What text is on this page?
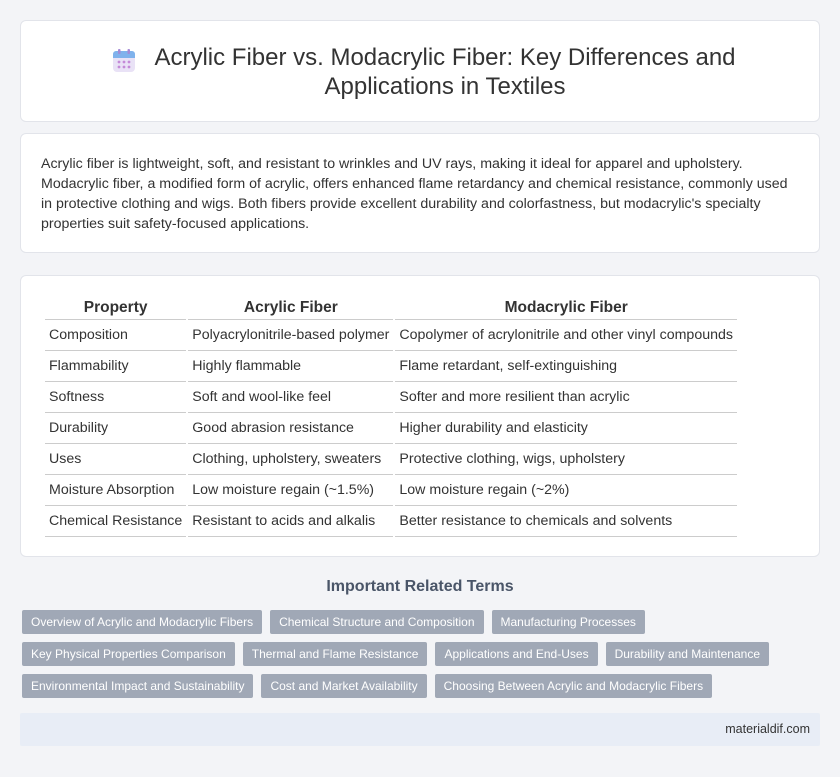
Acrylic Fiber vs. Modacrylic Fiber: Key Differences and Applications in Textiles

Acrylic fiber is lightweight, soft, and resistant to wrinkles and UV rays, making it ideal for apparel and upholstery. Modacrylic fiber, a modified form of acrylic, offers enhanced flame retardancy and chemical resistance, commonly used in protective clothing and wigs. Both fibers provide excellent durability and colorfastness, but modacrylic's specialty properties suit safety-focused applications.

Property	Acrylic Fiber	Modacrylic Fiber
Composition	Polyacrylonitrile-based polymer	Copolymer of acrylonitrile and other vinyl compounds
Flammability	Highly flammable	Flame retardant, self-extinguishing
Softness	Soft and wool-like feel	Softer and more resilient than acrylic
Durability	Good abrasion resistance	Higher durability and elasticity
Uses	Clothing, upholstery, sweaters	Protective clothing, wigs, upholstery
Moisture Absorption	Low moisture regain (~1.5%)	Low moisture regain (~2%)
Chemical Resistance	Resistant to acids and alkalis	Better resistance to chemicals and solvents
Important Related Terms
Overview of Acrylic and Modacrylic Fibers	Chemical Structure and Composition	Manufacturing Processes
Key Physical Properties Comparison	Thermal and Flame Resistance	Applications and End-Uses	Durability and Maintenance
Environmental Impact and Sustainability	Cost and Market Availability	Choosing Between Acrylic and Modacrylic Fibers
materialdif.com
